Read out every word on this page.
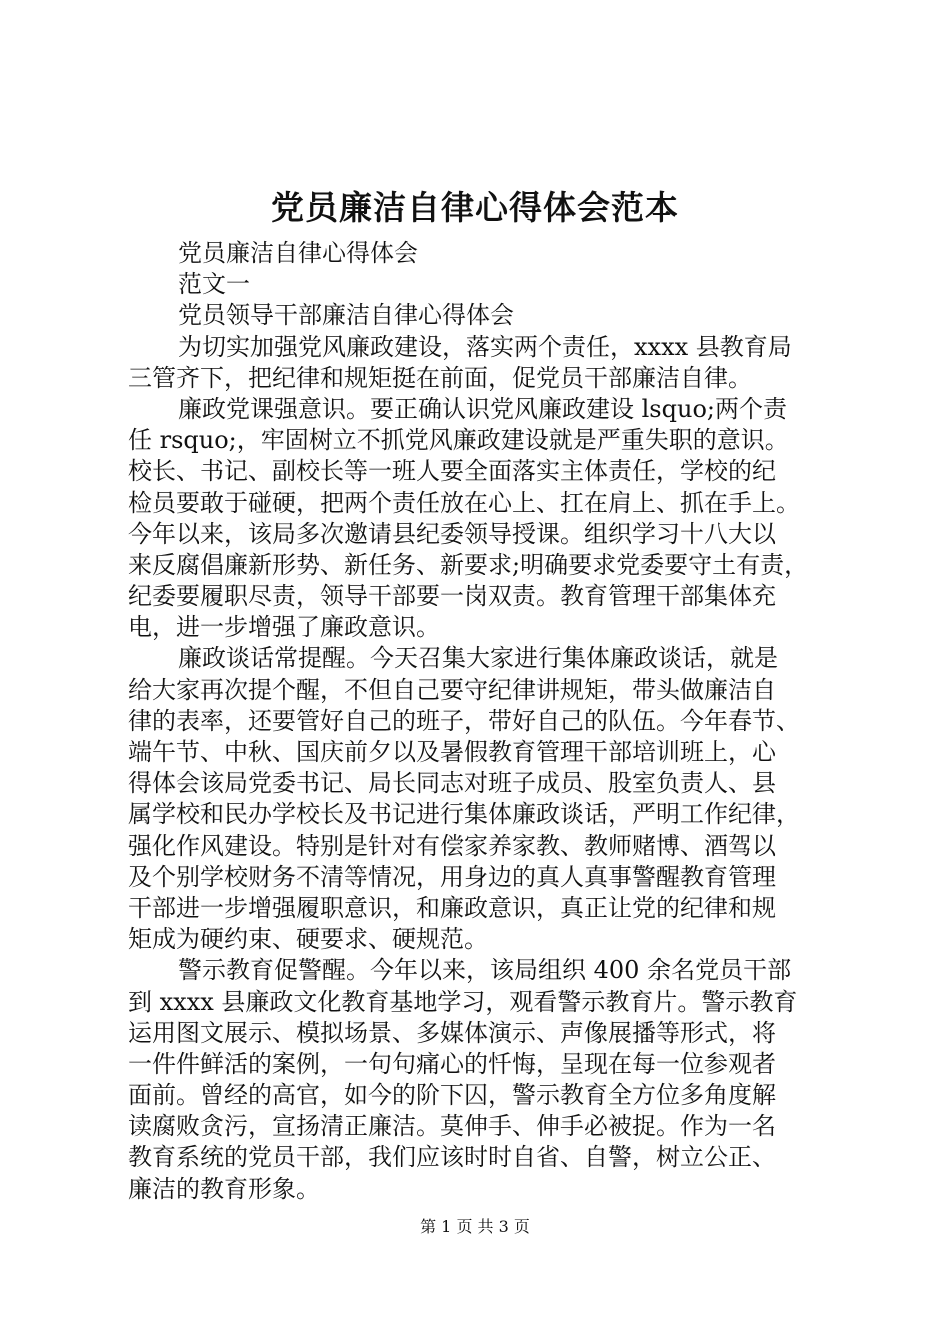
党员廉洁自律心得体会范本
党员廉洁自律心得体会
范文一
党员领导干部廉洁自律心得体会
为切实加强党风廉政建设，落实两个责任，xxxx 县教育局
三管齐下，把纪律和规矩挺在前面，促党员干部廉洁自律。
廉政党课强意识。要正确认识党风廉政建设 lsquo;两个责
任 rsquo;，牢固树立不抓党风廉政建设就是严重失职的意识。
校长、书记、副校长等一班人要全面落实主体责任，学校的纪
检员要敢于碰硬，把两个责任放在心上、扛在肩上、抓在手上。
今年以来，该局多次邀请县纪委领导授课。组织学习十八大以
来反腐倡廉新形势、新任务、新要求;明确要求党委要守土有责，
纪委要履职尽责，领导干部要一岗双责。教育管理干部集体充
电，进一步增强了廉政意识。
廉政谈话常提醒。今天召集大家进行集体廉政谈话，就是
给大家再次提个醒，不但自己要守纪律讲规矩，带头做廉洁自
律的表率，还要管好自己的班子，带好自己的队伍。今年春节、
端午节、中秋、国庆前夕以及暑假教育管理干部培训班上，心
得体会该局党委书记、局长同志对班子成员、股室负责人、县
属学校和民办学校长及书记进行集体廉政谈话，严明工作纪律，
强化作风建设。特别是针对有偿家养家教、教师赌博、酒驾以
及个别学校财务不清等情况，用身边的真人真事警醒教育管理
干部进一步增强履职意识，和廉政意识，真正让党的纪律和规
矩成为硬约束、硬要求、硬规范。
警示教育促警醒。今年以来，该局组织 400 余名党员干部
到 xxxx 县廉政文化教育基地学习，观看警示教育片。警示教育
运用图文展示、模拟场景、多媒体演示、声像展播等形式，将
一件件鲜活的案例，一句句痛心的忏悔，呈现在每一位参观者
面前。曾经的高官，如今的阶下囚，警示教育全方位多角度解
读腐败贪污，宣扬清正廉洁。莫伸手、伸手必被捉。作为一名
教育系统的党员干部，我们应该时时自省、自警，树立公正、
廉洁的教育形象。
第 1 页 共 3 页
